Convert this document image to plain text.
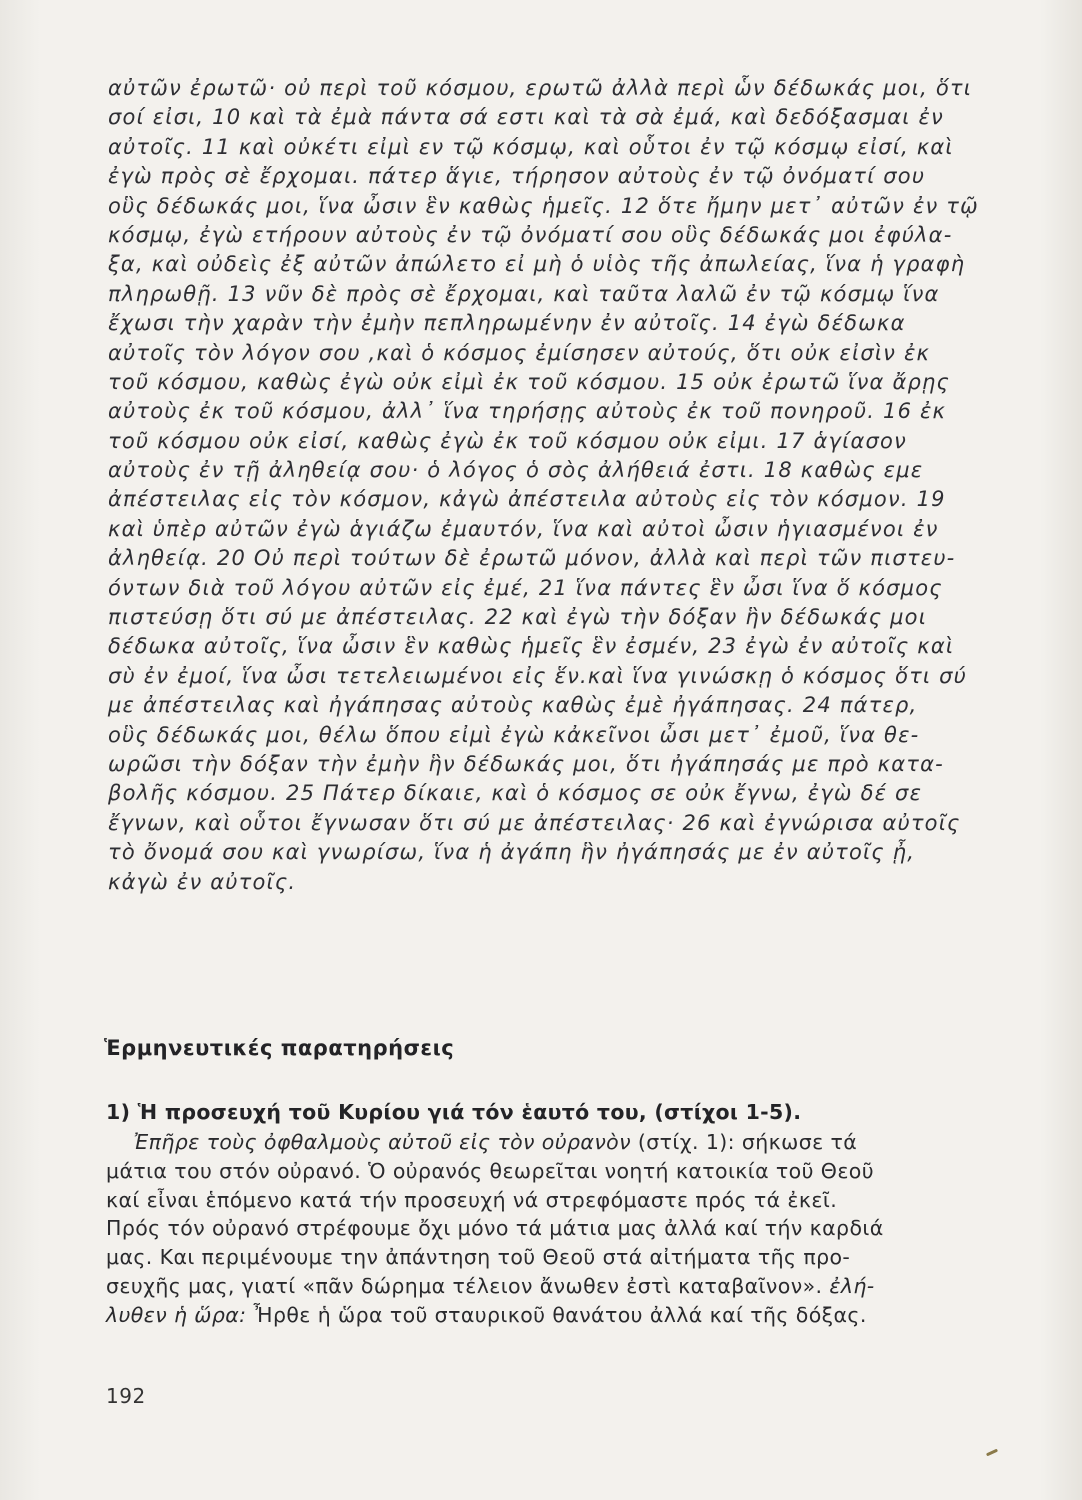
αὐτῶν ἐρωτῶ· οὐ περὶ τοῦ κόσμου, ερωτῶ ἀλλὰ περὶ ὧν δέδωκάς μοι, ὅτι
σοί εἰσι, 10 καὶ τὰ ἐμὰ πάντα σά εστι καὶ τὰ σὰ ἐμά, καὶ δεδόξασμαι ἐν
αὐτοῖς. 11 καὶ οὐκέτι εἰμὶ εν τῷ κόσμῳ, καὶ οὗτοι ἐν τῷ κόσμῳ εἰσί, καὶ
ἐγὼ πρὸς σὲ ἔρχομαι. πάτερ ἅγιε, τήρησον αὐτοὺς ἐν τῷ ὀνόματί σου
οὓς δέδωκάς μοι, ἵνα ὦσιν ἓν καθὼς ἡμεῖς. 12 ὅτε ἤμην μετ᾽ αὐτῶν ἐν τῷ
κόσμῳ, ἐγὼ ετήρουν αὐτοὺς ἐν τῷ ὀνόματί σου οὓς δέδωκάς μοι ἐφύλα-
ξα, καὶ οὐδεὶς ἐξ αὐτῶν ἀπώλετο εἰ μὴ ὁ υἱὸς τῆς ἀπωλείας, ἵνα ἡ γραφὴ
πληρωθῇ. 13 νῦν δὲ πρὸς σὲ ἔρχομαι, καὶ ταῦτα λαλῶ ἐν τῷ κόσμῳ ἵνα
ἔχωσι τὴν χαρὰν τὴν ἐμὴν πεπληρωμένην ἐν αὐτοῖς. 14 ἐγὼ δέδωκα
αὐτοῖς τὸν λόγον σου ,καὶ ὁ κόσμος ἐμίσησεν αὐτούς, ὅτι οὐκ εἰσὶν ἐκ
τοῦ κόσμου, καθὼς ἐγὼ οὐκ εἰμὶ ἐκ τοῦ κόσμου. 15 οὐκ ἐρωτῶ ἵνα ἄρῃς
αὐτοὺς ἐκ τοῦ κόσμου, ἀλλ᾽ ἵνα τηρήσῃς αὐτοὺς ἐκ τοῦ πονηροῦ. 16 ἐκ
τοῦ κόσμου οὐκ εἰσί, καθὼς ἐγὼ ἐκ τοῦ κόσμου οὐκ εἰμι. 17 ἁγίασον
αὐτοὺς ἐν τῇ ἀληθείᾳ σου· ὁ λόγος ὁ σὸς ἀλήθειά ἐστι. 18 καθὼς εμε
ἀπέστειλας εἰς τὸν κόσμον, κἀγὼ ἀπέστειλα αὐτοὺς εἰς τὸν κόσμον. 19
καὶ ὑπὲρ αὐτῶν ἐγὼ ἁγιάζω ἐμαυτόν, ἵνα καὶ αὐτοὶ ὦσιν ἡγιασμένοι ἐν
ἀληθείᾳ. 20 Οὐ περὶ τούτων δὲ ἐρωτῶ μόνον, ἀλλὰ καὶ περὶ τῶν πιστευ-
όντων διὰ τοῦ λόγου αὐτῶν εἰς ἐμέ, 21 ἵνα πάντες ἓν ὦσι ἵνα ὅ κόσμος
πιστεύσῃ ὅτι σύ με ἀπέστειλας. 22 καὶ ἐγὼ τὴν δόξαν ἣν δέδωκάς μοι
δέδωκα αὐτοῖς, ἵνα ὦσιν ἓν καθὼς ἡμεῖς ἓν ἐσμέν, 23 ἐγὼ ἐν αὐτοῖς καὶ
σὺ ἐν ἐμοί, ἵνα ὦσι τετελειωμένοι εἰς ἕν.καὶ ἵνα γινώσκῃ ὁ κόσμος ὅτι σύ
με ἀπέστειλας καὶ ἠγάπησας αὐτοὺς καθὼς ἐμὲ ἠγάπησας. 24 πάτερ,
οὓς δέδωκάς μοι, θέλω ὅπου εἰμὶ ἐγὼ κἀκεῖνοι ὦσι μετ᾽ ἐμοῦ, ἵνα θε-
ωρῶσι τὴν δόξαν τὴν ἐμὴν ἣν δέδωκάς μοι, ὅτι ἠγάπησάς με πρὸ κατα-
βολῆς κόσμου. 25 Πάτερ δίκαιε, καὶ ὁ κόσμος σε οὐκ ἔγνω, ἐγὼ δέ σε
ἔγνων, καὶ οὗτοι ἔγνωσαν ὅτι σύ με ἀπέστειλας· 26 καὶ ἐγνώρισα αὐτοῖς
τὸ ὄνομά σου καὶ γνωρίσω, ἵνα ἡ ἀγάπη ἣν ἠγάπησάς με ἐν αὐτοῖς ᾖ,
κἀγὼ ἐν αὐτοῖς.
Ἑρμηνευτικές παρατηρήσεις
1) Ἡ προσευχή τοῦ Κυρίου γιά τόν ἑαυτό του, (στίχοι 1-5).
Ἐπῆρε τοὺς ὀφθαλμοὺς αὐτοῦ εἰς τὸν οὐρανὸν (στίχ. 1): σήκωσε τά
μάτια του στόν οὐρανό. Ὁ οὐρανός θεωρεῖται νοητή κατοικία τοῦ Θεοῦ
καί εἶναι ἑπόμενο κατά τήν προσευχή νά στρεφόμαστε πρός τά ἐκεῖ.
Πρός τόν οὐρανό στρέφουμε ὄχι μόνο τά μάτια μας ἀλλά καί τήν καρδιά
μας. Και περιμένουμε την ἀπάντηση τοῦ Θεοῦ στά αἰτήματα τῆς προ-
σευχῆς μας, γιατί «πᾶν δώρημα τέλειον ἄνωθεν ἐστὶ καταβαῖνον». ἐλή-
λυθεν ἡ ὥρα: Ἦρθε ἡ ὥρα τοῦ σταυρικοῦ θανάτου ἀλλά καί τῆς δόξας.
192
